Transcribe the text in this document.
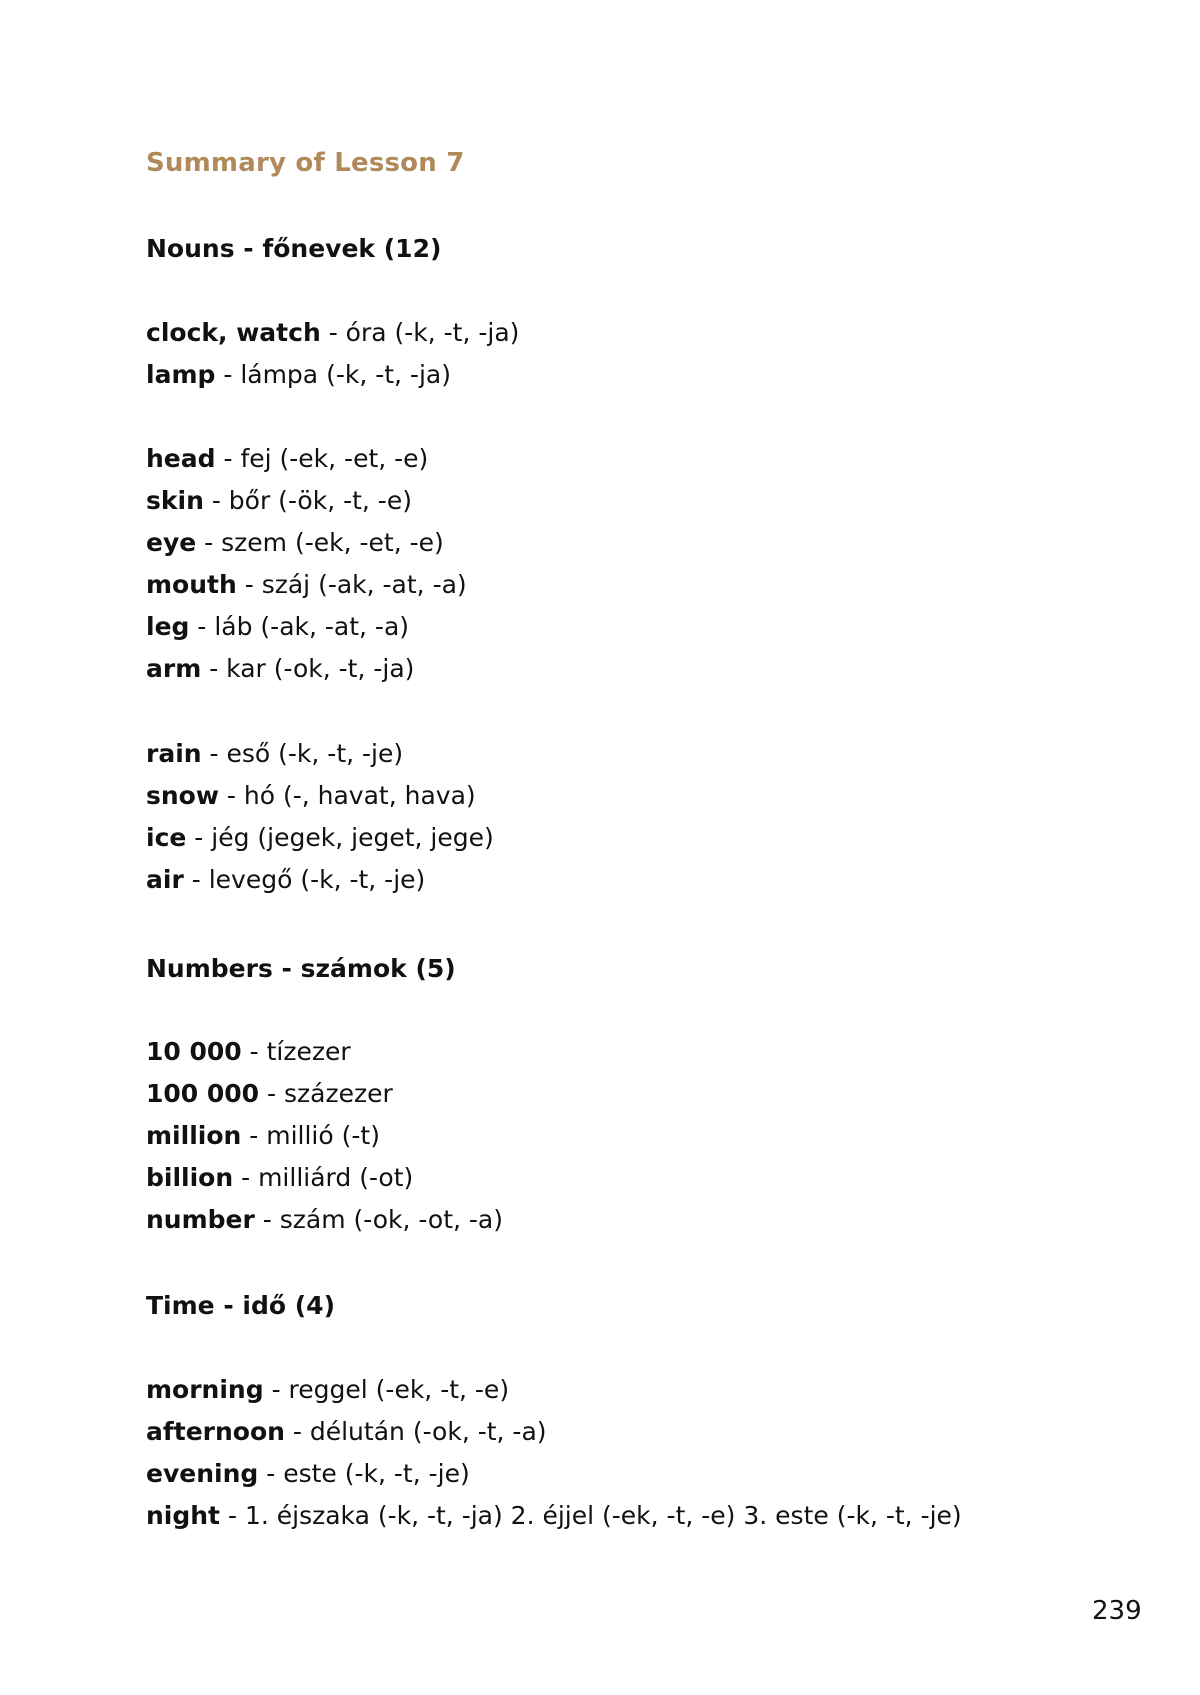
Summary of Lesson 7
Nouns - főnevek (12)
clock, watch - óra (-k, -t, -ja)
lamp - lámpa (-k, -t, -ja)
head - fej (-ek, -et, -e)
skin - bőr (-ök, -t, -e)
eye - szem (-ek, -et, -e)
mouth - száj (-ak, -at, -a)
leg - láb (-ak, -at, -a)
arm - kar (-ok, -t, -ja)
rain - eső (-k, -t, -je)
snow - hó (-, havat, hava)
ice - jég (jegek, jeget, jege)
air - levegő (-k, -t, -je)
Numbers - számok (5)
10 000 - tízezer
100 000 - százezer
million - millió (-t)
billion - milliárd (-ot)
number - szám (-ok, -ot, -a)
Time - idő (4)
morning - reggel (-ek, -t, -e)
afternoon - délután (-ok, -t, -a)
evening - este (-k, -t, -je)
night - 1. éjszaka (-k, -t, -ja) 2. éjjel (-ek, -t, -e) 3. este (-k, -t, -je)

239
